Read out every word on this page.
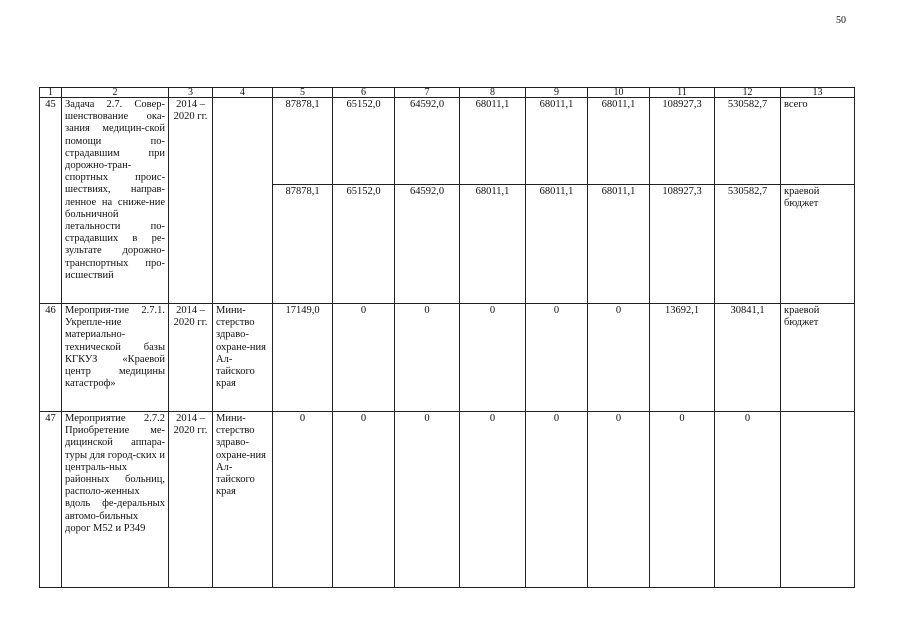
50
1	2	3	4	5	6	7	8	9	10	11	12	13
45	Задача 2.7. Совер-шенствование ока-зания медицин-ской помощи по-страдавшим при дорожно-тран-спортных проис-шествиях, направ-ленное на сниже-ние больничной летальности по-страдавших в ре-зультате дорожно-транспортных про-исшествий	2014 – 2020 гг.		87878,1	65152,0	64592,0	68011,1	68011,1	68011,1	108927,3	530582,7	всего
				87878,1	65152,0	64592,0	68011,1	68011,1	68011,1	108927,3	530582,7	краевой бюджет
46	Мероприя-тие 2.7.1. Укрепле-ние материально-технической базы КГКУЗ «Краевой центр медицины катастроф»	2014 – 2020 гг.	Мини-стерство здраво-охране-ния Ал-тайского края	17149,0	0	0	0	0	0	13692,1	30841,1	краевой бюджет
47	Мероприятие 2.7.2 Приобретение ме-дицинской аппара-туры для город-ских и централь-ных районных больниц, располо-женных вдоль фе-деральных автомо-бильных дорог М52 и Р349	2014 – 2020 гг.	Мини-стерство здраво-охране-ния Ал-тайского края	0	0	0	0	0	0	0	0	
